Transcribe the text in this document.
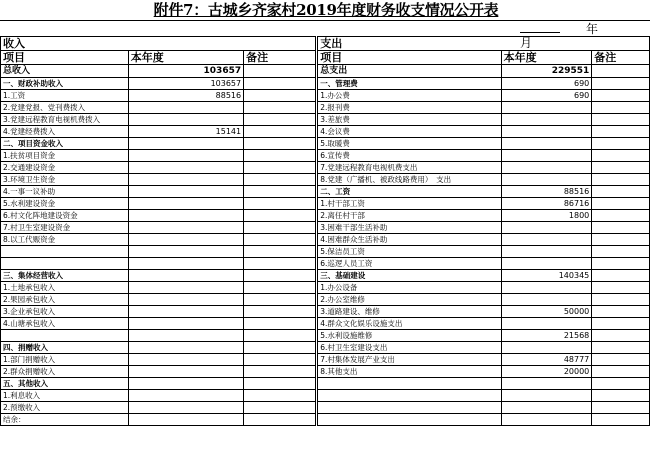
附件7：古城乡齐家村2019年度财务收支情况公开表
年月
收入				支出		
项目	本年度	备注		项目	本年度	备注
总收入	103657			总支出	229551	
一、财政补助收入	103657			一、管理费	690	
1.工资	88516			1.办公费	690	
2.党建党报、党刊费拨入				2.报刊费		
3.党建远程教育电视机费拨入				3.差旅费		
4.党建经费拨入	15141			4.会议费		
二、项目资金收入				5.取暖费		
1.扶贫项目资金				6.宣传费		
2.交通建设资金				7.党建远程教育电视机费支出		
3.环境卫生资金				8.党建（广播机、被政线路费用）　支出		
4.一事一议补助				二、工资	88516	
5.水利建设资金				1.村干部工资	86716	
6.村文化阵地建设资金				2.离任村干部	1800	
7.村卫生室建设资金				3.困难干部生活补助		
8.以工代赈资金				4.困难群众生活补助		
				5.保洁员工资		
				6.巡逻人员工资		
三、集体经营收入				三、基础建设	140345	
1.土地承包收入				1.办公设备		
2.果园承包收入				2.办公室维修		
3.企业承包收入				3.道路建设、维修	50000	
4.山塘承包收入				4.群众文化娱乐设施支出		
				5.水利设施维修	21568	
四、捐赠收入				6.村卫生室建设支出		
1.部门捐赠收入				7.村集体发展产业支出	48777	
2.群众捐赠收入				8.其他支出	20000	
五、其他收入						
1.利息收入						
2.预缴收入						
结余：						
